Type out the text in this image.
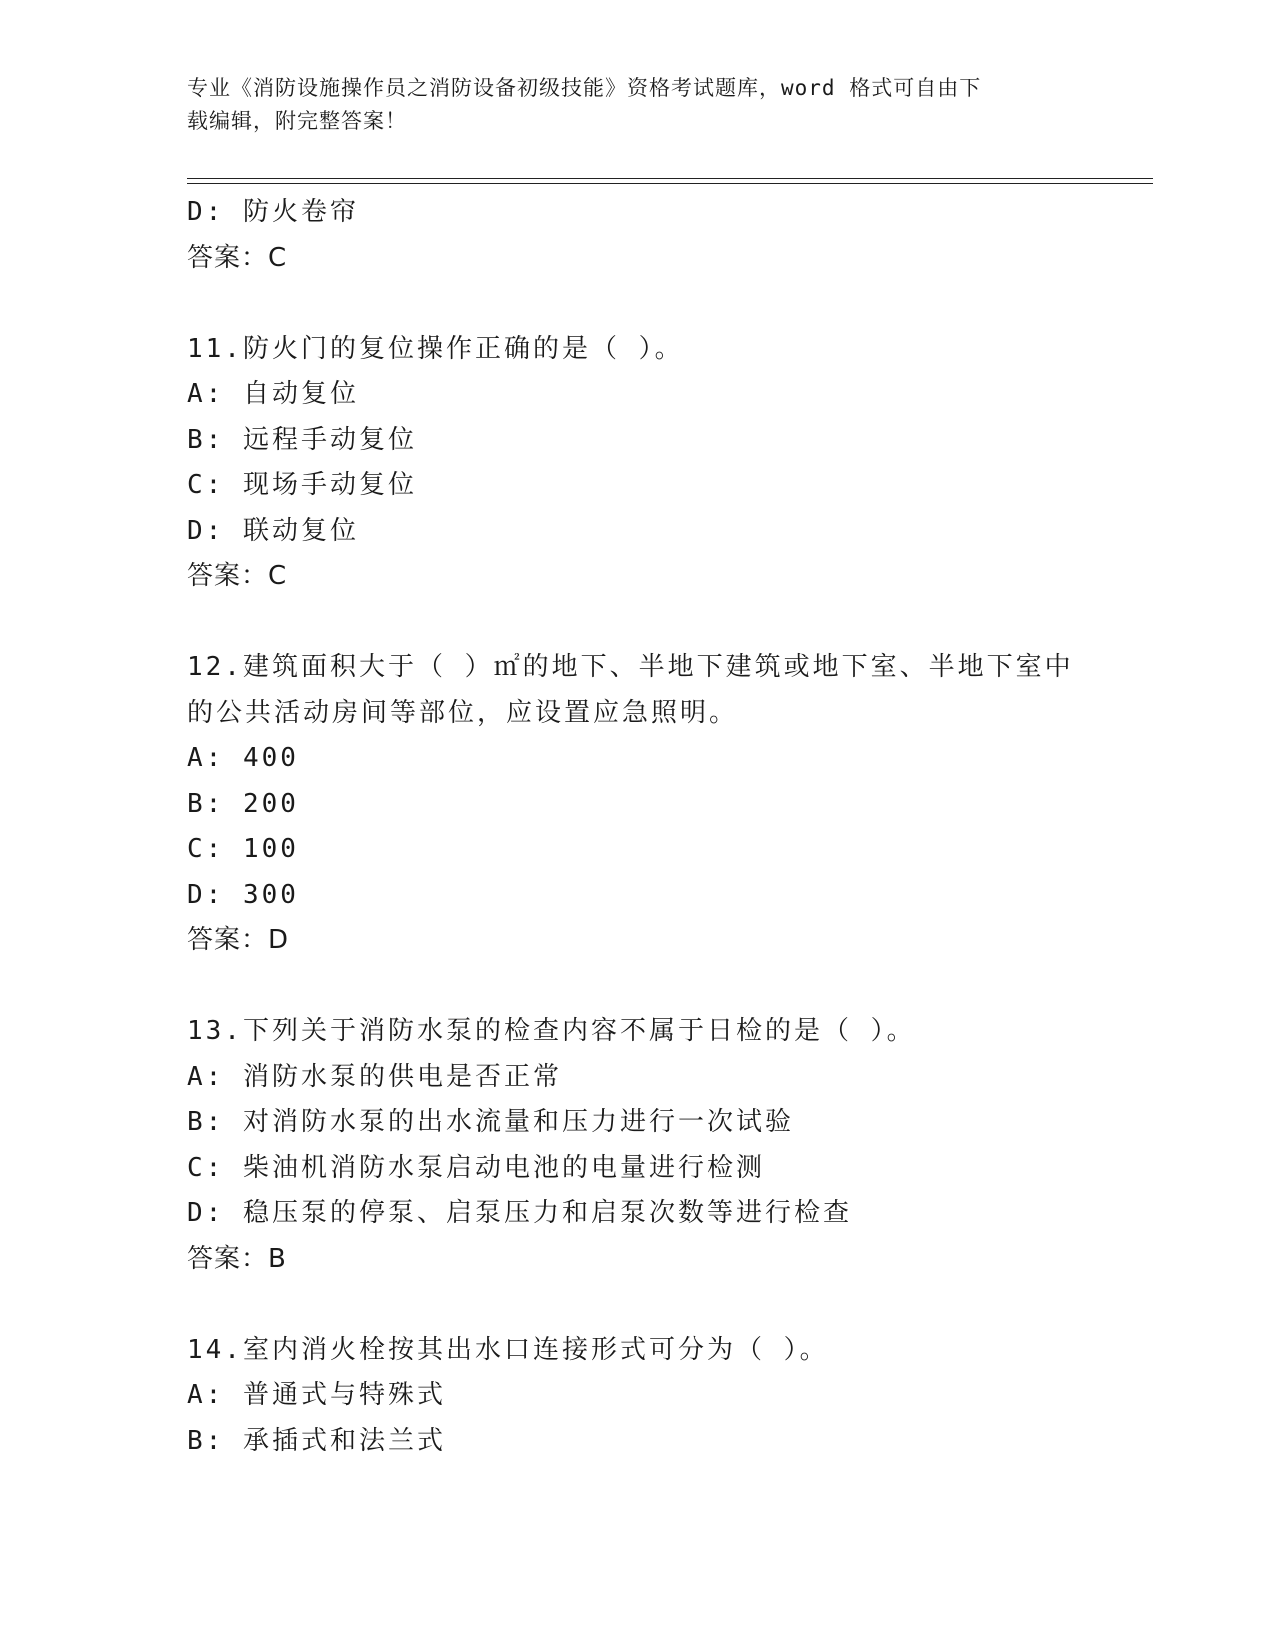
专业《消防设施操作员之消防设备初级技能》资格考试题库，word 格式可自由下
载编辑，附完整答案！
D: 防火卷帘
答案：C
11.防火门的复位操作正确的是（ ）。
A: 自动复位
B: 远程手动复位
C: 现场手动复位
D: 联动复位
答案：C
12.建筑面积大于（ ）㎡的地下、半地下建筑或地下室、半地下室中
的公共活动房间等部位，应设置应急照明。
A: 400
B: 200
C: 100
D: 300
答案：D
13.下列关于消防水泵的检查内容不属于日检的是（ ）。
A: 消防水泵的供电是否正常
B: 对消防水泵的出水流量和压力进行一次试验
C: 柴油机消防水泵启动电池的电量进行检测
D: 稳压泵的停泵、启泵压力和启泵次数等进行检查
答案：B
14.室内消火栓按其出水口连接形式可分为（ ）。
A: 普通式与特殊式
B: 承插式和法兰式
